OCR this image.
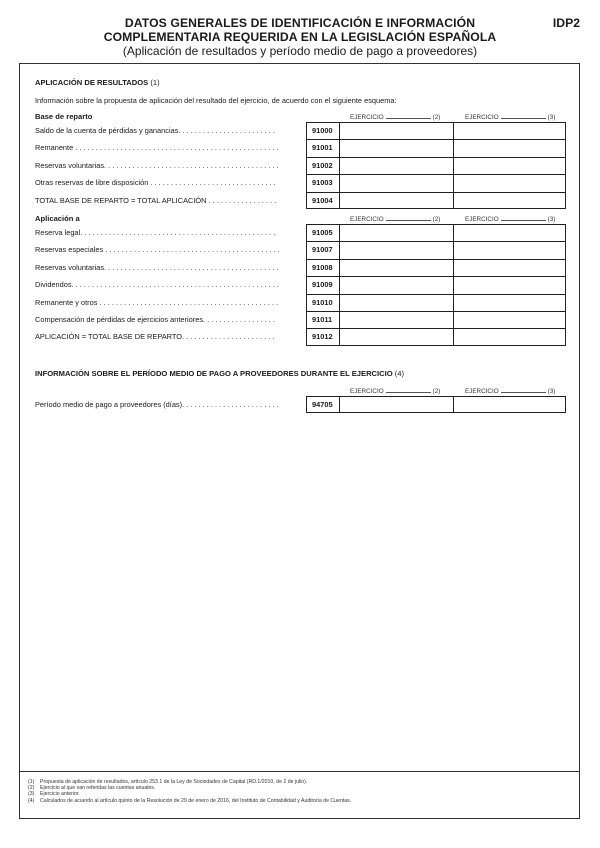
DATOS GENERALES DE IDENTIFICACIÓN E INFORMACIÓN
COMPLEMENTARIA REQUERIDA EN LA LEGISLACIÓN ESPAÑOLA
(Aplicación de resultados y período medio de pago a proveedores)
IDP2
APLICACIÓN DE RESULTADOS (1)
Información sobre la propuesta de aplicación del resultado del ejercicio, de acuerdo con el siguiente esquema:
Base de reparto	EJERCICIO	(2)	EJERCICIO	(3)
Saldo de la cuenta de pérdidas y ganancias. . . . . . . . . . . . . . . . . . . . . . . .	91000
Remanente . . . . . . . . . . . . . . . . . . . . . . . . . . . . . . . . . . . . . . . . . . . . . . . . . .	91001
Reservas voluntarias. . . . . . . . . . . . . . . . . . . . . . . . . . . . . . . . . . . . . . . . . . .	91002
Otras reservas de libre disposición . . . . . . . . . . . . . . . . . . . . . . . . . . . . . . .	91003
TOTAL BASE DE REPARTO = TOTAL APLICACIÓN . . . . . . . . . . . . . . . . .	91004
Aplicación a	EJERCICIO	(2)	EJERCICIO	(3)
Reserva legal. . . . . . . . . . . . . . . . . . . . . . . . . . . . . . . . . . . . . . . . . . . . . . . .	91005
Reservas especiales . . . . . . . . . . . . . . . . . . . . . . . . . . . . . . . . . . . . . . . . . . .	91007
Reservas voluntarias. . . . . . . . . . . . . . . . . . . . . . . . . . . . . . . . . . . . . . . . . . .	91008
Dividendos. . . . . . . . . . . . . . . . . . . . . . . . . . . . . . . . . . . . . . . . . . . . . . . . . . .	91009
Remanente y otros . . . . . . . . . . . . . . . . . . . . . . . . . . . . . . . . . . . . . . . . . . . .	91010
Compensación de pérdidas de ejercicios anteriores. . . . . . . . . . . . . . . . . .	91011
APLICACIÓN = TOTAL BASE DE REPARTO. . . . . . . . . . . . . . . . . . . . . . .	91012
INFORMACIÓN SOBRE EL PERÍODO MEDIO DE PAGO A PROVEEDORES DURANTE EL EJERCICIO (4)
EJERCICIO	(2)	EJERCICIO	(3)
Período medio de pago a proveedores (días). . . . . . . . . . . . . . . . . . . . . . . .	94705
(1) Propuesta de aplicación de resultados, artículo 253.1 de la Ley de Sociedades de Capital (RD.1/2010, de 2 de julio).
(2) Ejercicio al que van referidas las cuentas anuales.
(3) Ejercicio anterior.
(4) Calculados de acuerdo al artículo quinto de la Resolución de 29 de enero de 2016, del Instituto de Contabilidad y Auditoría de Cuentas.
